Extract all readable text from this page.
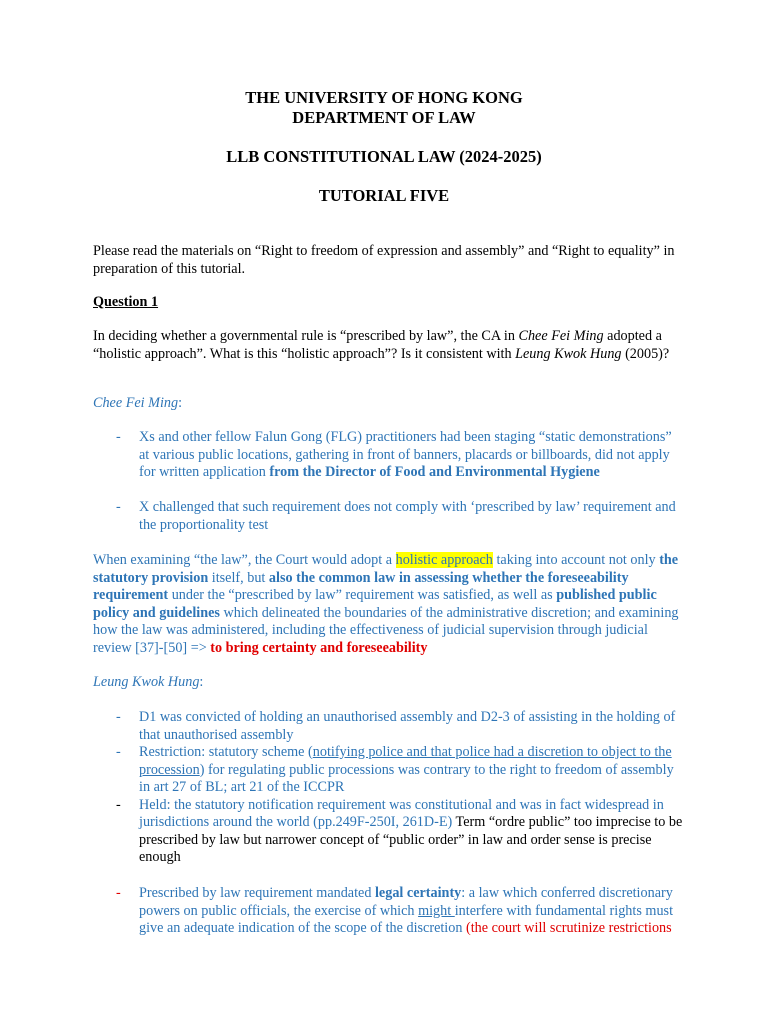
THE UNIVERSITY OF HONG KONG
DEPARTMENT OF LAW
LLB CONSTITUTIONAL LAW (2024-2025)
TUTORIAL FIVE

Please read the materials on “Right to freedom of expression and assembly” and “Right to equality” in preparation of this tutorial.

Question 1

In deciding whether a governmental rule is “prescribed by law”, the CA in Chee Fei Ming adopted a “holistic approach”. What is this “holistic approach”? Is it consistent with Leung Kwok Hung (2005)?

Chee Fei Ming:

- Xs and other fellow Falun Gong (FLG) practitioners had been staging “static demonstrations” at various public locations, gathering in front of banners, placards or billboards, did not apply for written application from the Director of Food and Environmental Hygiene
- X challenged that such requirement does not comply with ‘prescribed by law’ requirement and the proportionality test

When examining “the law”, the Court would adopt a holistic approach taking into account not only the statutory provision itself, but also the common law in assessing whether the foreseeability requirement under the “prescribed by law” requirement was satisfied, as well as published public policy and guidelines which delineated the boundaries of the administrative discretion; and examining how the law was administered, including the effectiveness of judicial supervision through judicial review [37]-[50] => to bring certainty and foreseeability

Leung Kwok Hung:

- D1 was convicted of holding an unauthorised assembly and D2-3 of assisting in the holding of that unauthorised assembly
- Restriction: statutory scheme (notifying police and that police had a discretion to object to the procession) for regulating public processions was contrary to the right to freedom of assembly in art 27 of BL; art 21 of the ICCPR
- Held: the statutory notification requirement was constitutional and was in fact widespread in jurisdictions around the world (pp.249F-250I, 261D-E) Term “ordre public” too imprecise to be prescribed by law but narrower concept of “public order” in law and order sense is precise enough
- Prescribed by law requirement mandated legal certainty: a law which conferred discretionary powers on public officials, the exercise of which might interfere with fundamental rights must give an adequate indication of the scope of the discretion (the court will scrutinize restrictions
